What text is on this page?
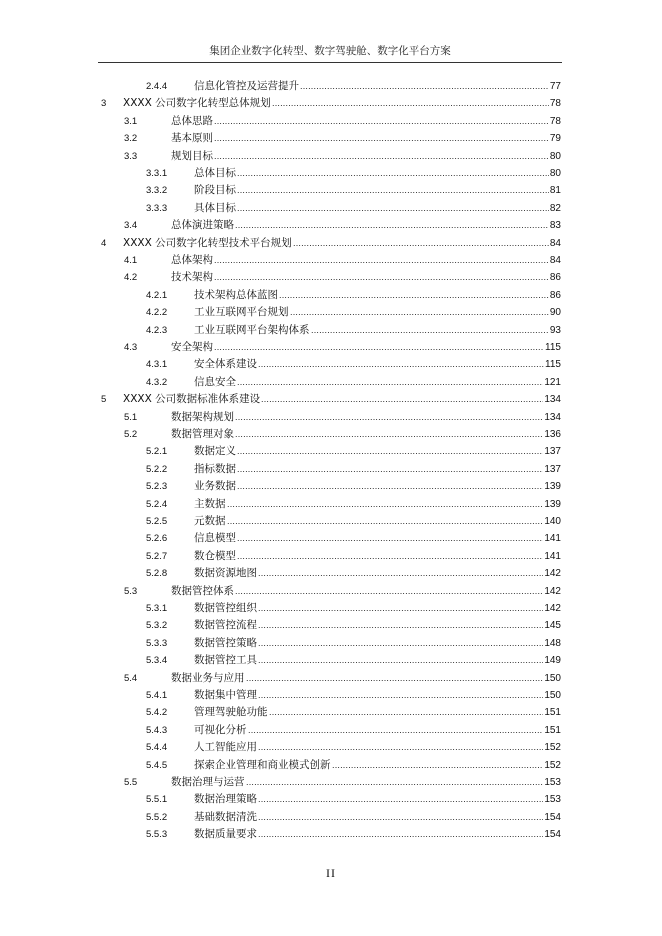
集团企业数字化转型、数字驾驶舱、数字化平台方案
2.4.4	信息化管控及运营提升 .....	77
3 XXXX 公司数字化转型总体规划 .....	78
3.1	总体思路 .....	78
3.2	基本原则 .....	79
3.3	规划目标 .....	80
3.3.1	总体目标 .....	80
3.3.2	阶段目标 .....	81
3.3.3	具体目标 .....	82
3.4	总体演进策略 .....	83
4 XXXX 公司数字化转型技术平台规划 .....	84
4.1	总体架构 .....	84
4.2	技术架构 .....	86
4.2.1	技术架构总体蓝图 .....	86
4.2.2	工业互联网平台规划 .....	90
4.2.3	工业互联网平台架构体系 .....	93
4.3	安全架构 .....	115
4.3.1	安全体系建设 .....	115
4.3.2	信息安全 .....	121
5 XXXX 公司数据标准体系建设 .....	134
5.1	数据架构规划 .....	134
5.2	数据管理对象 .....	136
5.2.1	数据定义 .....	137
5.2.2	指标数据 .....	137
5.2.3	业务数据 .....	139
5.2.4	主数据 .....	139
5.2.5	元数据 .....	140
5.2.6	信息模型 .....	141
5.2.7	数仓模型 .....	141
5.2.8	数据资源地图 .....	142
5.3	数据管控体系 .....	142
5.3.1	数据管控组织 .....	142
5.3.2	数据管控流程 .....	145
5.3.3	数据管控策略 .....	148
5.3.4	数据管控工具 .....	149
5.4	数据业务与应用 .....	150
5.4.1	数据集中管理 .....	150
5.4.2	管理驾驶舱功能 .....	151
5.4.3	可视化分析 .....	151
5.4.4	人工智能应用 .....	152
5.4.5	探索企业管理和商业模式创新 .....	152
5.5	数据治理与运营 .....	153
5.5.1	数据治理策略 .....	153
5.5.2	基础数据清洗 .....	154
5.5.3	数据质量要求 .....	154
II
